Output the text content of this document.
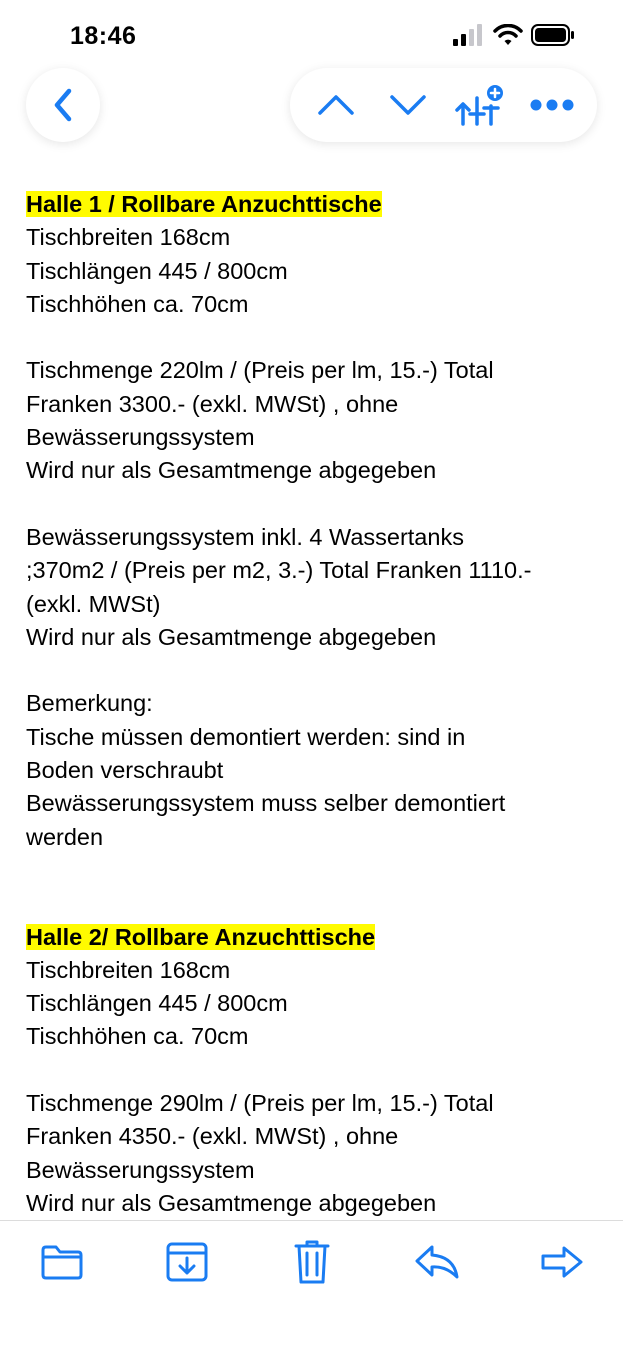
18:46
Halle 1 / Rollbare Anzuchttische
Tischbreiten 168cm
Tischlängen 445 / 800cm
Tischhöhen ca. 70cm
Tischmenge 220lm / (Preis per lm, 15.-) Total
Franken 3300.- (exkl. MWSt) , ohne
Bewässerungssystem
Wird nur als Gesamtmenge abgegeben
Bewässerungssystem inkl. 4 Wassertanks
;370m2 / (Preis per m2, 3.-) Total Franken 1110.-
(exkl. MWSt)
Wird nur als Gesamtmenge abgegeben
Bemerkung:
Tische müssen demontiert werden: sind in
Boden verschraubt
Bewässerungssystem muss selber demontiert
werden
Halle 2/ Rollbare Anzuchttische
Tischbreiten 168cm
Tischlängen 445 / 800cm
Tischhöhen ca. 70cm
Tischmenge 290lm / (Preis per lm, 15.-) Total
Franken 4350.- (exkl. MWSt) , ohne
Bewässerungssystem
Wird nur als Gesamtmenge abgegeben
